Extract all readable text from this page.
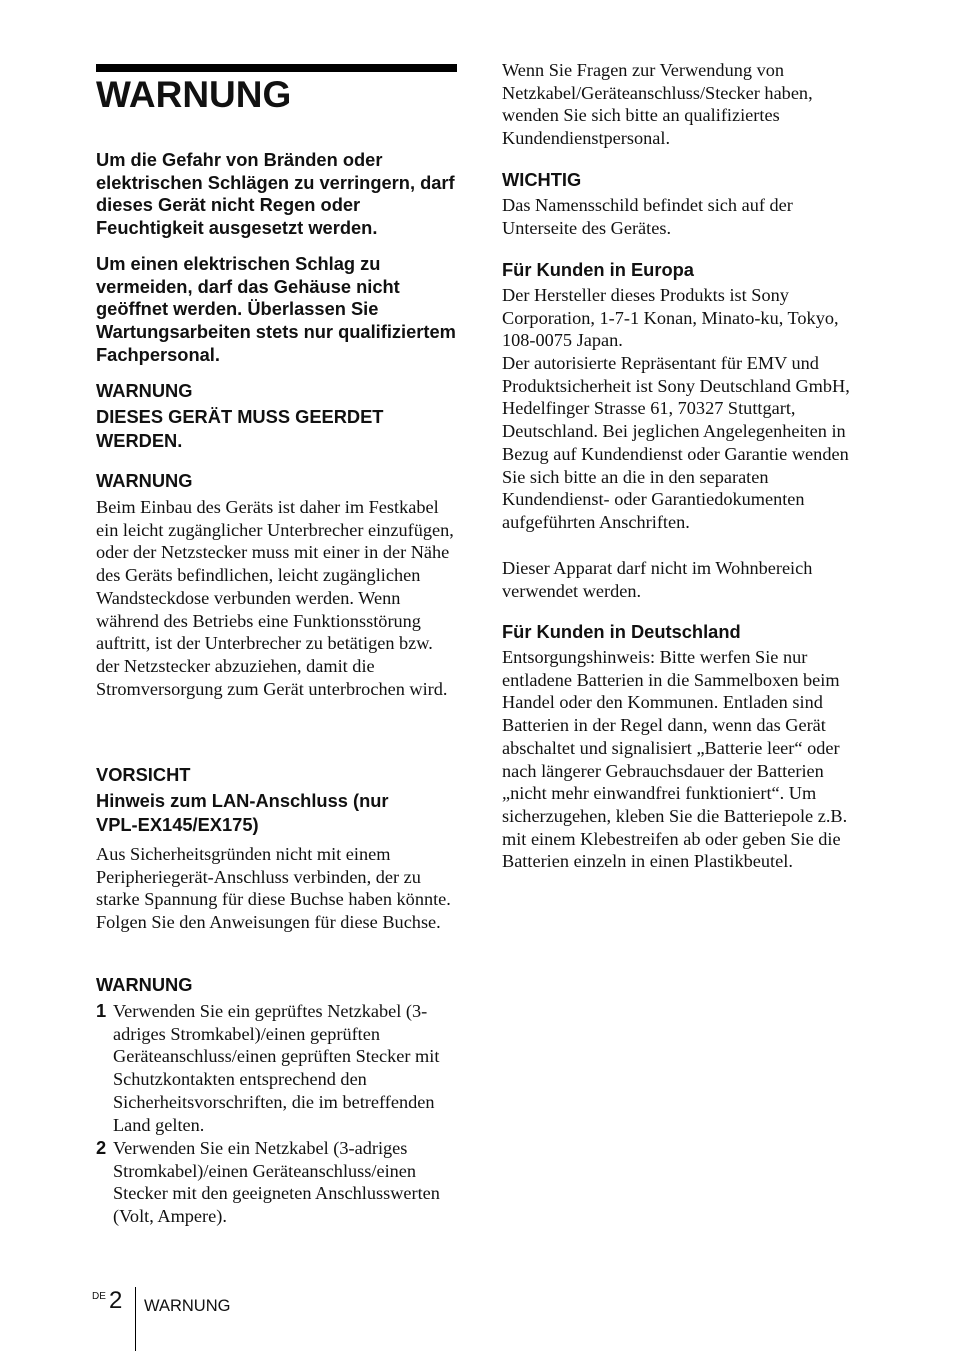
WARNUNG

Um die Gefahr von Bränden oder elektrischen Schlägen zu verringern, darf dieses Gerät nicht Regen oder Feuchtigkeit ausgesetzt werden.

Um einen elektrischen Schlag zu vermeiden, darf das Gehäuse nicht geöffnet werden. Überlassen Sie Wartungsarbeiten stets nur qualifiziertem Fachpersonal.

WARNUNG
DIESES GERÄT MUSS GEERDET WERDEN.
WARNUNG

Beim Einbau des Geräts ist daher im Festkabel ein leicht zugänglicher Unterbrecher einzufügen, oder der Netzstecker muss mit einer in der Nähe des Geräts befindlichen, leicht zugänglichen Wandsteckdose verbunden werden. Wenn während des Betriebs eine Funktionsstörung auftritt, ist der Unterbrecher zu betätigen bzw. der Netzstecker abzuziehen, damit die Stromversorgung zum Gerät unterbrochen wird.

VORSICHT
Hinweis zum LAN-Anschluss (nur VPL-EX145/EX175)

Aus Sicherheitsgründen nicht mit einem Peripheriegerät-Anschluss verbinden, der zu starke Spannung für diese Buchse haben könnte. Folgen Sie den Anweisungen für diese Buchse.

WARNUNG
1 Verwenden Sie ein geprüftes Netzkabel (3-adriges Stromkabel)/einen geprüften Geräteanschluss/einen geprüften Stecker mit Schutzkontakten entsprechend den Sicherheitsvorschriften, die im betreffenden Land gelten.

2 Verwenden Sie ein Netzkabel (3-adriges Stromkabel)/einen Geräteanschluss/einen Stecker mit den geeigneten Anschlusswerten (Volt, Ampere).

Wenn Sie Fragen zur Verwendung von Netzkabel/Geräteanschluss/Stecker haben, wenden Sie sich bitte an qualifiziertes Kundendienstpersonal.

WICHTIG

Das Namensschild befindet sich auf der Unterseite des Gerätes.

Für Kunden in Europa

Der Hersteller dieses Produkts ist Sony Corporation, 1-7-1 Konan, Minato-ku, Tokyo, 108-0075 Japan.

Der autorisierte Repräsentant für EMV und Produktsicherheit ist Sony Deutschland GmbH, Hedelfinger Strasse 61, 70327 Stuttgart, Deutschland. Bei jeglichen Angelegenheiten in Bezug auf Kundendienst oder Garantie wenden Sie sich bitte an die in den separaten Kundendienst- oder Garantiedokumenten aufgeführten Anschriften.

Dieser Apparat darf nicht im Wohnbereich verwendet werden.

Für Kunden in Deutschland

Entsorgungshinweis: Bitte werfen Sie nur entladene Batterien in die Sammelboxen beim Handel oder den Kommunen. Entladen sind Batterien in der Regel dann, wenn das Gerät abschaltet und signalisiert „Batterie leer“ oder nach längerer Gebrauchsdauer der Batterien „nicht mehr einwandfrei funktioniert“. Um sicherzugehen, kleben Sie die Batteriepole z.B. mit einem Klebestreifen ab oder geben Sie die Batterien einzeln in einen Plastikbeutel.

DE 2 WARNUNG
